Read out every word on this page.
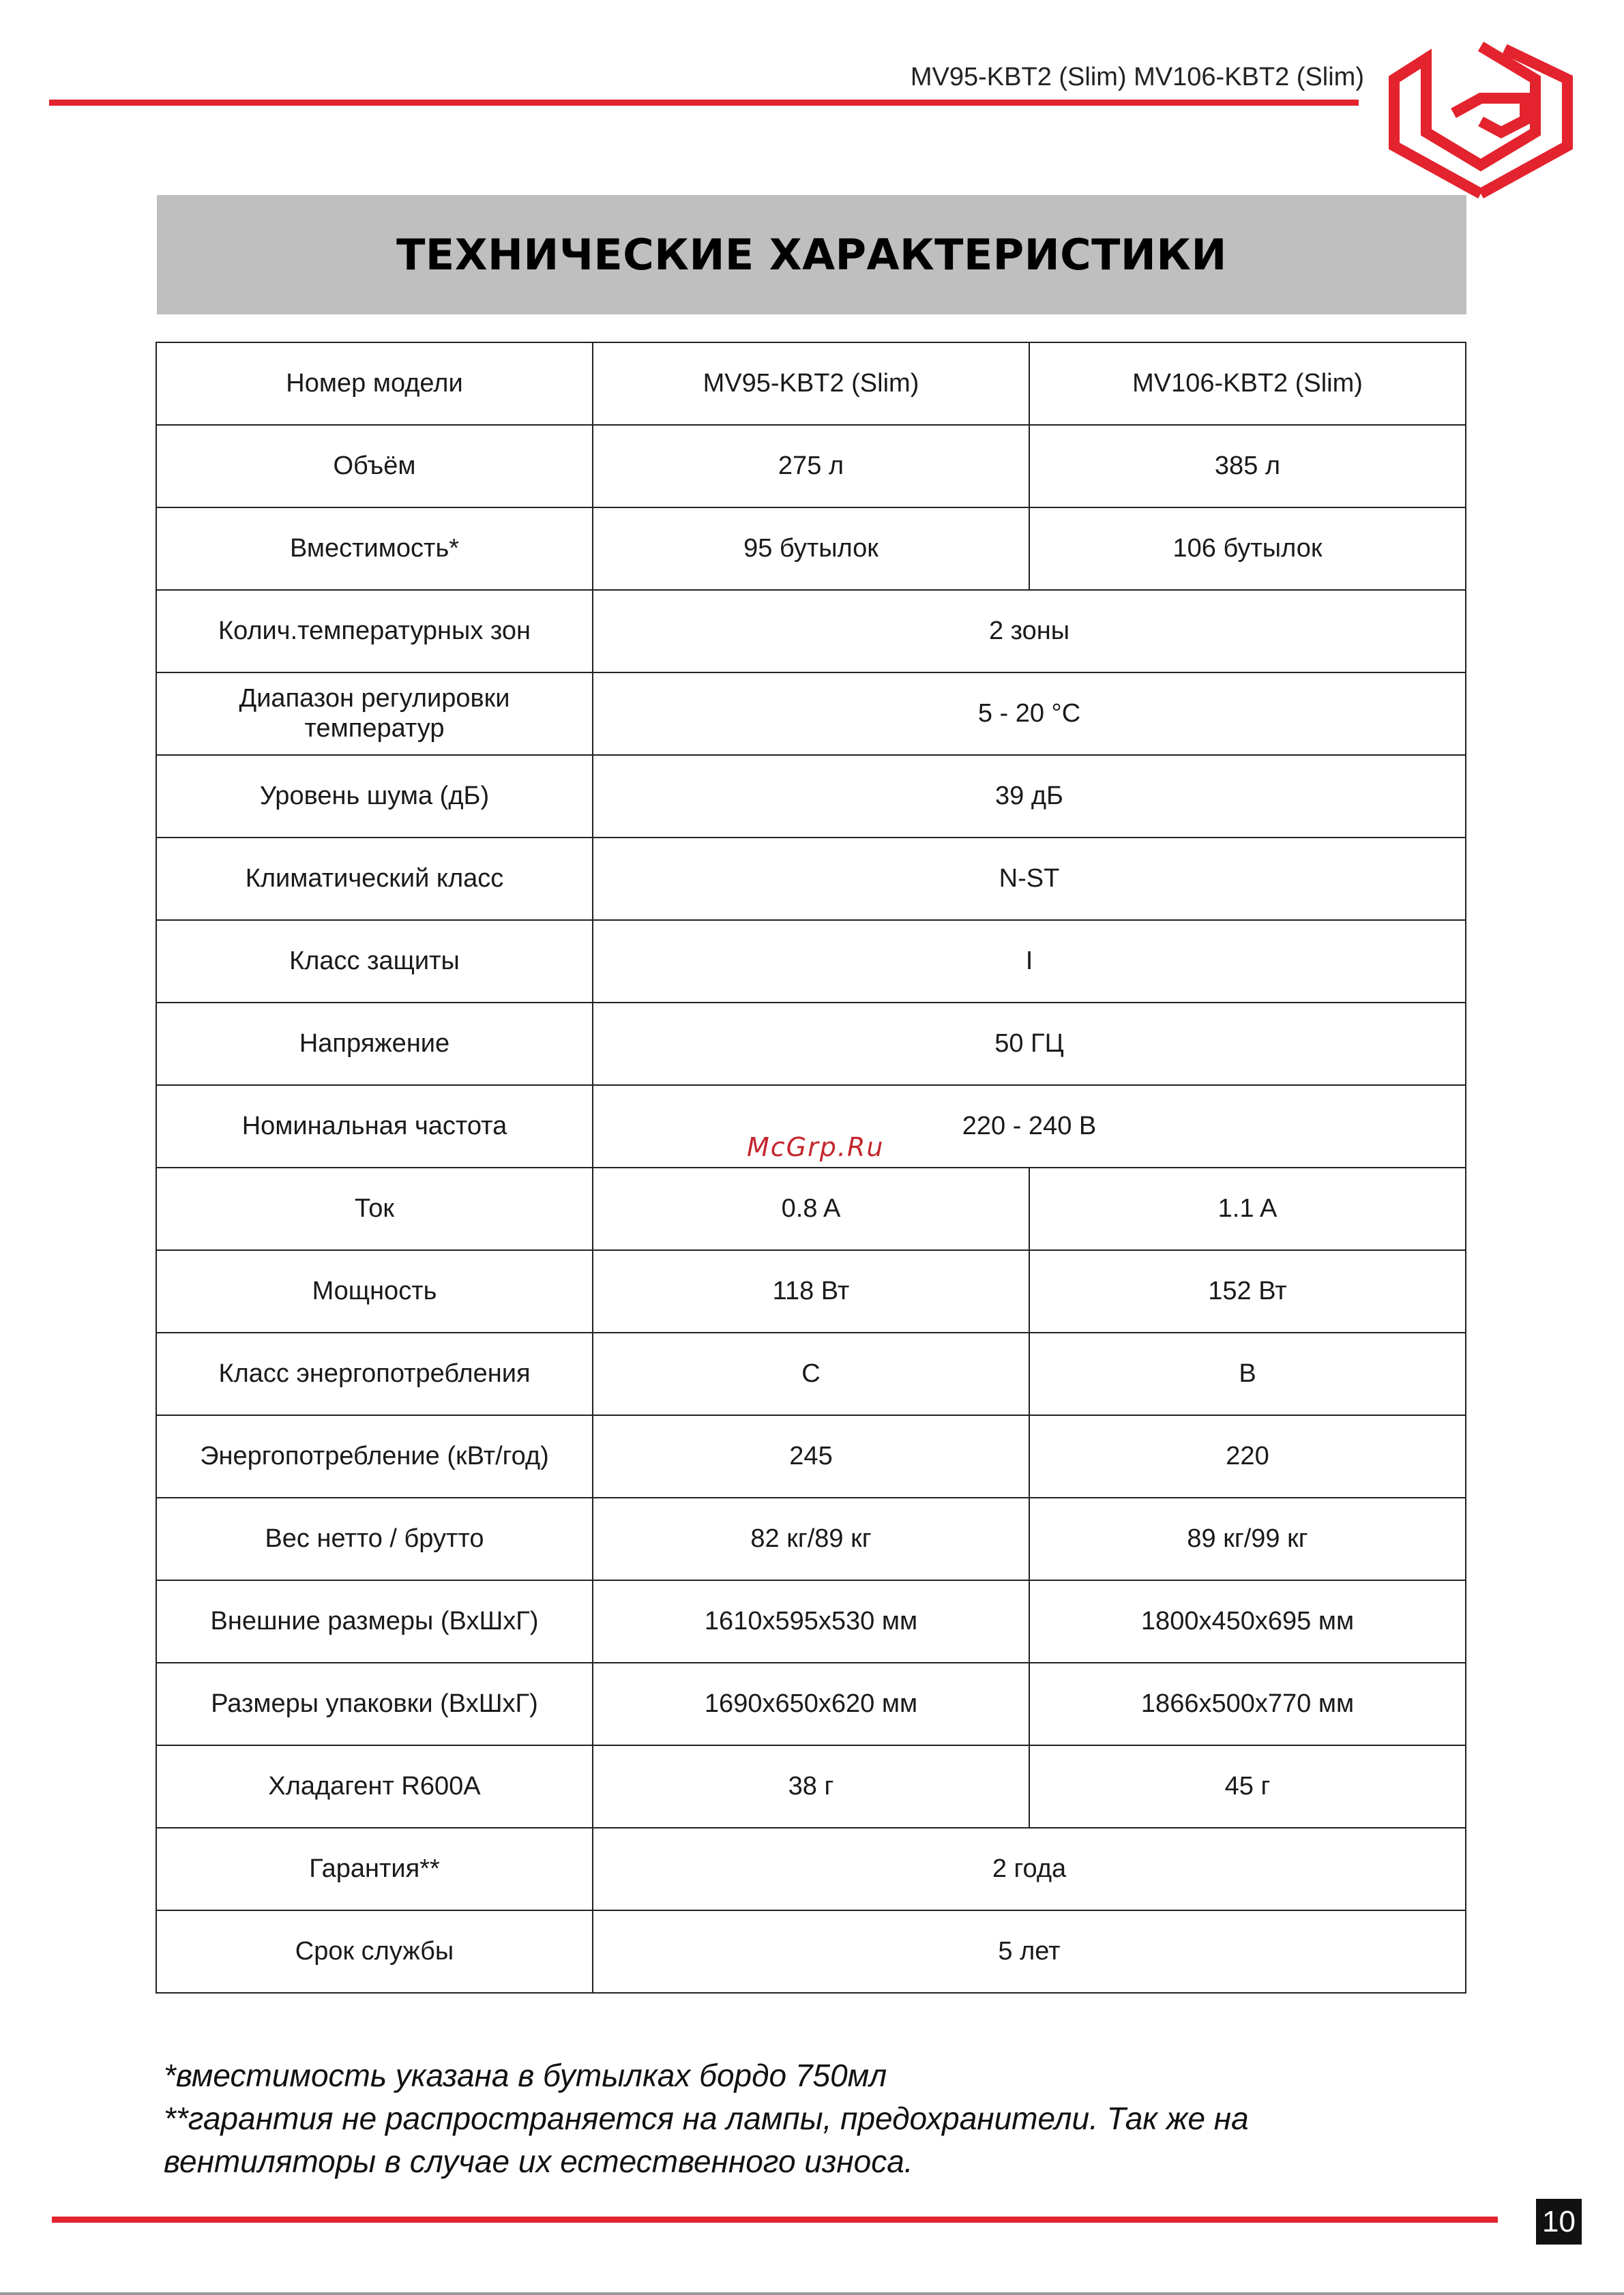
MV95-KBT2 (Slim) MV106-KBT2 (Slim)
ТЕХНИЧЕСКИЕ ХАРАКТЕРИСТИКИ
Номер модели	MV95-KBT2 (Slim)	MV106-KBT2 (Slim)
Объём	275 л	385 л
Вместимость*	95 бутылок	106 бутылок
Колич.температурных зон	2 зоны	
Диапазон регулировки температур	5 - 20 °C	
Уровень шума (дБ)	39 дБ	
Климатический класс	N-ST	
Класс защиты	I	
Напряжение	50 ГЦ	
Номинальная частота	220 - 240 В	
Ток	0.8 A	1.1 A
Мощность	118 Вт	152 Вт
Класс энергопотребления	C	B
Энергопотребление (кВт/год)	245	220
Вес нетто / брутто	82 кг/89 кг	89 кг/99 кг
Внешние размеры (ВхШхГ)	1610x595x530 мм	1800x450x695 мм
Размеры упаковки (ВхШхГ)	1690x650x620 мм	1866x500x770 мм
Хладагент R600A	38 г	45 г
Гарантия**	2 года	
Срок службы	5 лет	
McGrp.Ru
*вместимость указана в бутылках бордо 750мл
**гарантия не распространяется на лампы, предохранители. Так же на
вентиляторы в случае их естественного износа.
10
